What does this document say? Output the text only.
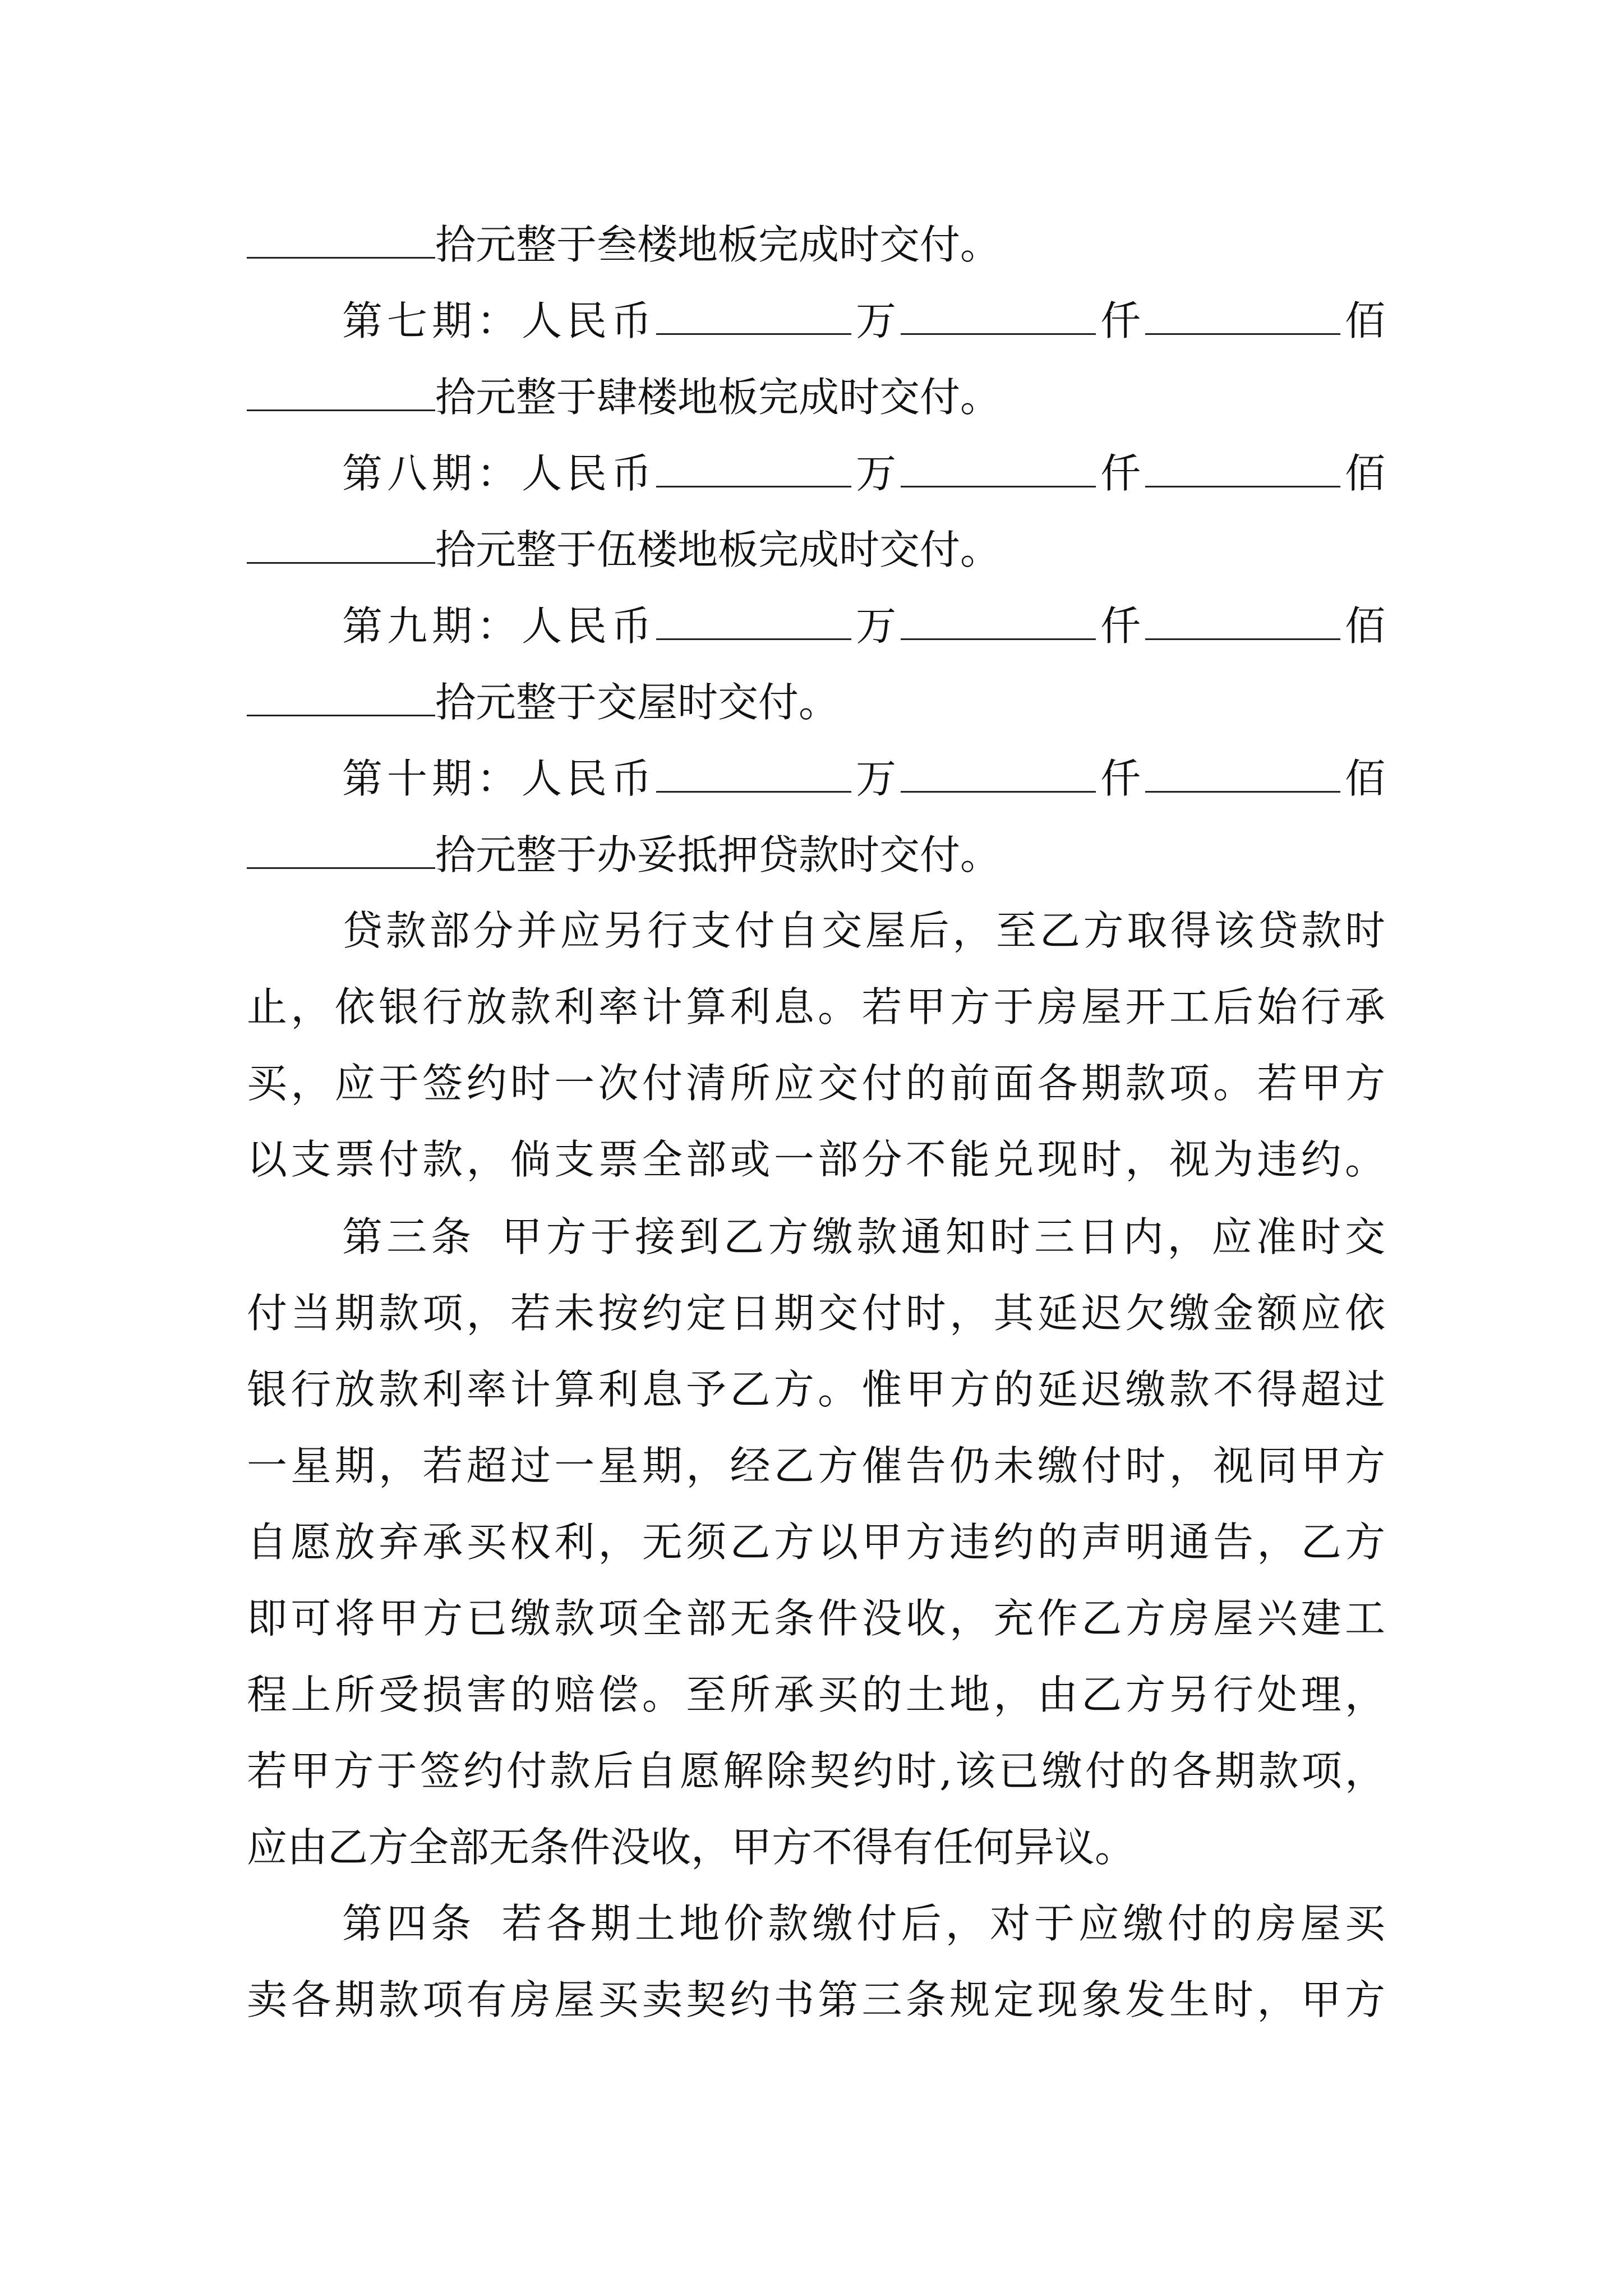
拾元整于叁楼地板完成时交付。
第七期：人民币	万	仟	佰
拾元整于肆楼地板完成时交付。
第八期：人民币	万	仟	佰
拾元整于伍楼地板完成时交付。
第九期：人民币	万	仟	佰
拾元整于交屋时交付。
第十期：人民币	万	仟	佰
拾元整于办妥抵押贷款时交付。
贷款部分并应另行支付自交屋后，至乙方取得该贷款时
止，依银行放款利率计算利息。若甲方于房屋开工后始行承
买，应于签约时一次付清所应交付的前面各期款项。若甲方
以支票付款，倘支票全部或一部分不能兑现时，视为违约。
第三条 甲方于接到乙方缴款通知时三日内，应准时交
付当期款项，若未按约定日期交付时，其延迟欠缴金额应依
银行放款利率计算利息予乙方。惟甲方的延迟缴款不得超过
一星期，若超过一星期，经乙方催告仍未缴付时，视同甲方
自愿放弃承买权利，无须乙方以甲方违约的声明通告，乙方
即可将甲方已缴款项全部无条件没收，充作乙方房屋兴建工
程上所受损害的赔偿。至所承买的土地，由乙方另行处理，
若甲方于签约付款后自愿解除契约时,该已缴付的各期款项，
应由乙方全部无条件没收，甲方不得有任何异议。
第四条 若各期土地价款缴付后，对于应缴付的房屋买
卖各期款项有房屋买卖契约书第三条规定现象发生时，甲方
